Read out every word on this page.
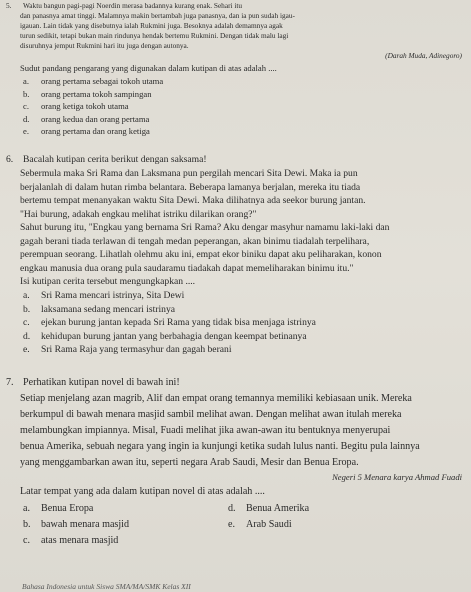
5. Waktu bangun pagi-pagi Noerdin merasa badannya kurang enak. Sehari itu
dan panasnya amat tinggi. Malamnya makin bertambah juga panasnya, dan ia pun sudah igau-
igauan. Lain tidak yang disebutnya ialah Rukmini juga. Besoknya adalah demamnya agak
turun sedikit, tetapi bukan main rindunya hendak bertemu Rukmini. Dengan tidak malu lagi
disuruhnya jemput Rukmini hari itu juga dengan autonya.
(Darah Muda, Adinegoro)
Sudut pandang pengarang yang digunakan dalam kutipan di atas adalah ....
a. orang pertama sebagai tokoh utama
b. orang pertama tokoh sampingan
c. orang ketiga tokoh utama
d. orang kedua dan orang pertama
e. orang pertama dan orang ketiga
6. Bacalah kutipan cerita berikut dengan saksama!
Sebermula maka Sri Rama dan Laksmana pun pergilah mencari Sita Dewi. Maka ia pun
berjalanlah di dalam hutan rimba belantara. Beberapa lamanya berjalan, mereka itu tiada
bertemu tempat menanyakan waktu Sita Dewi. Maka dilihatnya ada seekor burung jantan.
"Hai burung, adakah engkau melihat istriku dilarikan orang?"
Sahut burung itu, "Engkau yang bernama Sri Rama? Aku dengar masyhur namamu laki-laki dan
gagah berani tiada terlawan di tengah medan peperangan, akan binimu tiadalah terpelihara,
perempuan seorang. Lihatlah olehmu aku ini, empat ekor biniku dapat aku peliharakan, konon
engkau manusia dua orang pula saudaramu tiadakah dapat memeliharakan binimu itu."
Isi kutipan cerita tersebut mengungkapkan ....
a. Sri Rama mencari istrinya, Sita Dewi
b. laksamana sedang mencari istrinya
c. ejekan burung jantan kepada Sri Rama yang tidak bisa menjaga istrinya
d. kehidupan burung jantan yang berbahagia dengan keempat betinanya
e. Sri Rama Raja yang termasyhur dan gagah berani
7. Perhatikan kutipan novel di bawah ini!
Setiap menjelang azan magrib, Alif dan empat orang temannya memiliki kebiasaan unik. Mereka
berkumpul di bawah menara masjid sambil melihat awan. Dengan melihat awan itulah mereka
melambungkan impiannya. Misal, Fuadi melihat jika awan-awan itu bentuknya menyerupai
benua Amerika, sebuah negara yang ingin ia kunjungi ketika sudah lulus nanti. Begitu pula lainnya
yang menggambarkan awan itu, seperti negara Arab Saudi, Mesir dan Benua Eropa.
Negeri 5 Menara karya Ahmad Fuadi
Latar tempat yang ada dalam kutipan novel di atas adalah ....
a. Benua Eropa	d. Benua Amerika
b. bawah menara masjid	e. Arab Saudi
c. atas menara masjid
Bahasa Indonesia untuk Siswa SMA/MA/SMK Kelas XII
